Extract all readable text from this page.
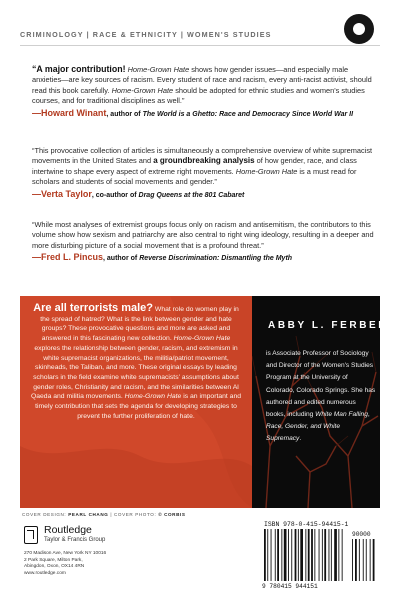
CRIMINOLOGY | RACE & ETHNICITY | WOMEN'S STUDIES
“A major contribution! Home-Grown Hate shows how gender issues—and especially male anxieties—are key sources of racism. Every student of race and racism, every anti-racist activist, should read this book carefully. Home-Grown Hate should be adopted for ethnic studies and women's studies courses, and for traditional disciplines as well.”
—Howard Winant, author of The World is a Ghetto: Race and Democracy Since World War II
“This provocative collection of articles is simultaneously a comprehensive overview of white supremacist movements in the United States and a groundbreaking analysis of how gender, race, and class intertwine to shape every aspect of extreme right movements. Home-Grown Hate is a must read for scholars and students of social movements and gender.”
—Verta Taylor, co-author of Drag Queens at the 801 Cabaret
“While most analyses of extremist groups focus only on racism and antisemitism, the contributors to this volume show how sexism and patriarchy are also central to right wing ideology, resulting in a deeper and more disturbing picture of a social movement that is a profound threat.”
—Fred L. Pincus, author of Reverse Discrimination: Dismantling the Myth
Are all terrorists male? What role do women play in the spread of hatred? What is the link between gender and hate groups? These provocative questions and more are asked and answered in this fascinating new collection. Home-Grown Hate explores the relationship between gender, racism, and extremism in white supremacist organizations, the militia/patriot movement, skinheads, the Taliban, and more. These original essays by leading scholars in the field examine white supremacists' assumptions about gender roles, Christianity and racism, and the similarities between Al Qaeda and militia movements. Home-Grown Hate is an important and timely contribution that sets the agenda for developing strategies to prevent the further proliferation of hate.
ABBY L. FERBER
is Associate Professor of Sociology and Director of the Women's Studies Program at the University of Colorado, Colorado Springs. She has authored and edited numerous books, including White Man Falling, Race, Gender, and White Supremacy.
COVER DESIGN: PEARL CHANG | COVER PHOTO: © CORBIS
Routledge
Taylor & Francis Group
270 Madison Ave, New York NY 10016
2 Park Square, Milton Park,
Abingdon, Oxon, OX14 4RN
www.routledge.com
ISBN 978-0-415-94415-1
90000
9 780415 944151
